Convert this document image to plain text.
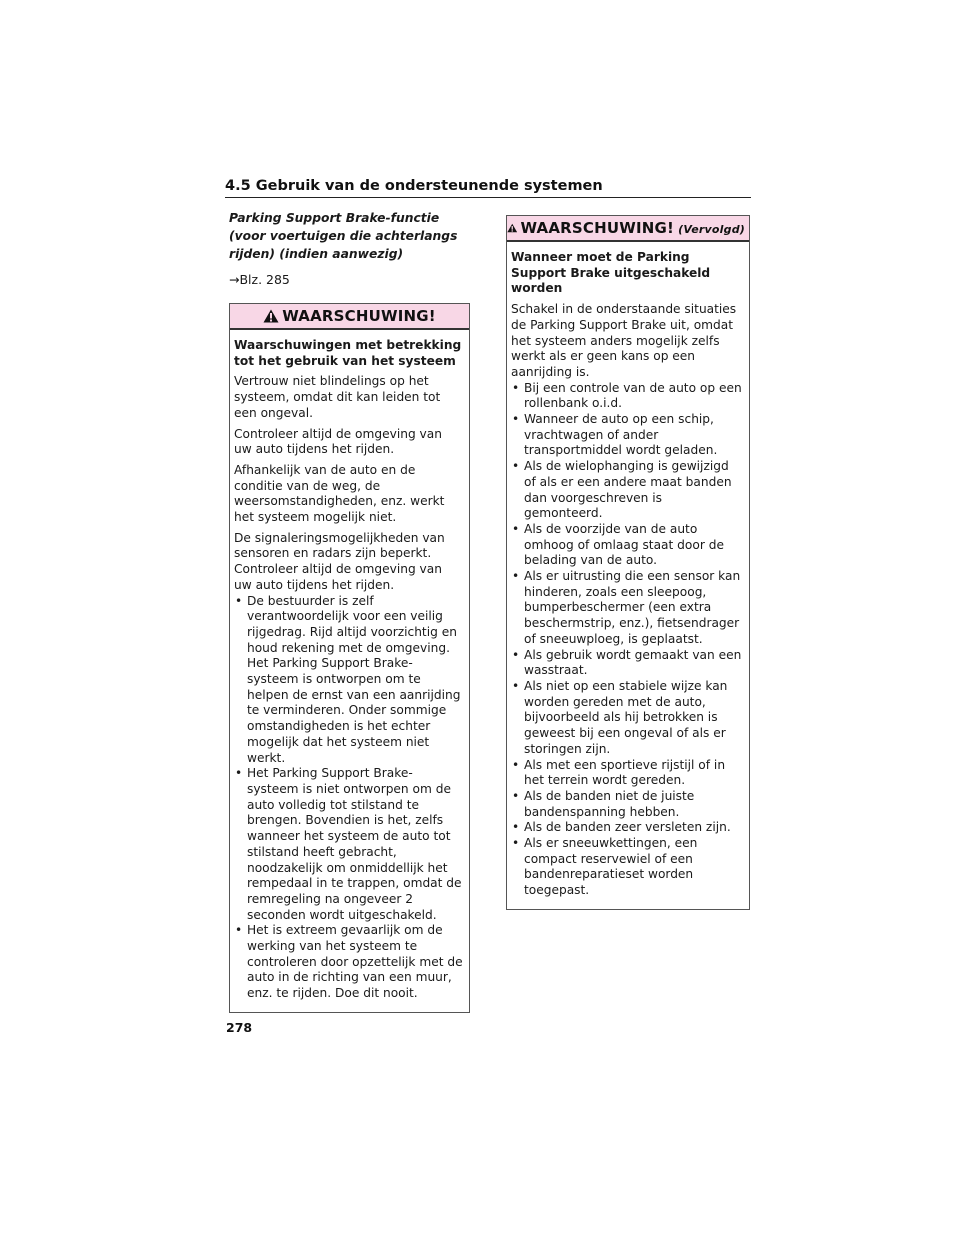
4.5 Gebruik van de ondersteunende systemen
Parking Support Brake-functie (voor voertuigen die achterlangs rijden) (indien aanwezig)
→Blz. 285
WAARSCHUWING!
Waarschuwingen met betrekking tot het gebruik van het systeem

Vertrouw niet blindelings op het systeem, omdat dit kan leiden tot een ongeval.

Controleer altijd de omgeving van uw auto tijdens het rijden.

Afhankelijk van de auto en de conditie van de weg, de weersomstandigheden, enz. werkt het systeem mogelijk niet.

De signaleringsmogelijkheden van sensoren en radars zijn beperkt. Controleer altijd de omgeving van uw auto tijdens het rijden.

• De bestuurder is zelf verantwoordelijk voor een veilig rijgedrag. Rijd altijd voorzichtig en houd rekening met de omgeving. Het Parking Support Brake-systeem is ontworpen om te helpen de ernst van een aanrijding te verminderen. Onder sommige omstandigheden is het echter mogelijk dat het systeem niet werkt.
• Het Parking Support Brake-systeem is niet ontworpen om de auto volledig tot stilstand te brengen. Bovendien is het, zelfs wanneer het systeem de auto tot stilstand heeft gebracht, noodzakelijk om onmiddellijk het rempedaal in te trappen, omdat de remregeling na ongeveer 2 seconden wordt uitgeschakeld.
• Het is extreem gevaarlijk om de werking van het systeem te controleren door opzettelijk met de auto in de richting van een muur, enz. te rijden. Doe dit nooit.
WAARSCHUWING! (Vervolgd)
Wanneer moet de Parking Support Brake uitgeschakeld worden

Schakel in de onderstaande situaties de Parking Support Brake uit, omdat het systeem anders mogelijk zelfs werkt als er geen kans op een aanrijding is.

• Bij een controle van de auto op een rollenbank o.i.d.
• Wanneer de auto op een schip, vrachtwagen of ander transportmiddel wordt geladen.
• Als de wielophanging is gewijzigd of als er een andere maat banden dan voorgeschreven is gemonteerd.
• Als de voorzijde van de auto omhoog of omlaag staat door de belading van de auto.
• Als er uitrusting die een sensor kan hinderen, zoals een sleepoog, bumperbeschermer (een extra beschermstrip, enz.), fietsendrager of sneeuwploeg, is geplaatst.
• Als gebruik wordt gemaakt van een wasstraat.
• Als niet op een stabiele wijze kan worden gereden met de auto, bijvoorbeeld als hij betrokken is geweest bij een ongeval of als er storingen zijn.
• Als met een sportieve rijstijl of in het terrein wordt gereden.
• Als de banden niet de juiste bandenspanning hebben.
• Als de banden zeer versleten zijn.
• Als er sneeuwkettingen, een compact reservewiel of een bandenreparatieset worden toegepast.
278
